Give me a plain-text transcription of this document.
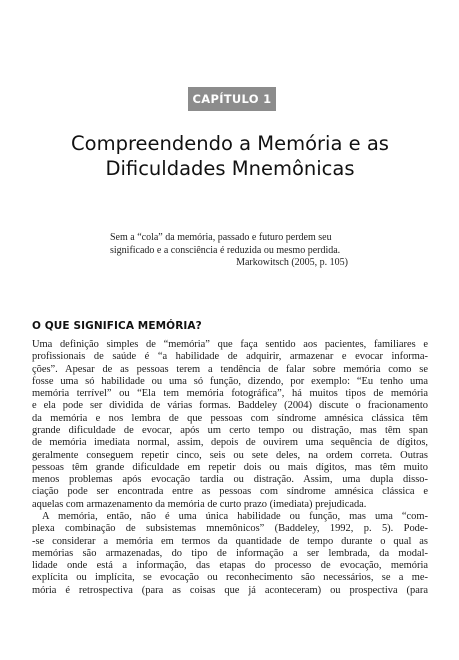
CAPÍTULO 1
Compreendendo a Memória e as
Dificuldades Mnemônicas

Sem a “cola” da memória, passado e futuro perdem seu
significado e a consciência é reduzida ou mesmo perdida.

Markowitsch (2005, p. 105)

O QUE SIGNIFICA MEMÓRIA?
Uma definição simples de “memória” que faça sentido aos pacientes, familiares e
profissionais de saúde é “a habilidade de adquirir, armazenar e evocar informa-
ções”. Apesar de as pessoas terem a tendência de falar sobre memória como se
fosse uma só habilidade ou uma só função, dizendo, por exemplo: “Eu tenho uma
memória terrível” ou “Ela tem memória fotográfica”, há muitos tipos de memória
e ela pode ser dividida de várias formas. Baddeley (2004) discute o fracionamento
da memória e nos lembra de que pessoas com síndrome amnésica clássica têm
grande dificuldade de evocar, após um certo tempo ou distração, mas têm span
de memória imediata normal, assim, depois de ouvirem uma sequência de dígitos,
geralmente conseguem repetir cinco, seis ou sete deles, na ordem correta. Outras
pessoas têm grande dificuldade em repetir dois ou mais dígitos, mas têm muito
menos problemas após evocação tardia ou distração. Assim, uma dupla disso-
ciação pode ser encontrada entre as pessoas com síndrome amnésica clássica e
aquelas com armazenamento da memória de curto prazo (imediata) prejudicada.
A memória, então, não é uma única habilidade ou função, mas uma “com-
plexa combinação de subsistemas mnemônicos” (Baddeley, 1992, p. 5). Pode-
-se considerar a memória em termos da quantidade de tempo durante o qual as
memórias são armazenadas, do tipo de informação a ser lembrada, da modal-
lidade onde está a informação, das etapas do processo de evocação, memória
explícita ou implícita, se evocação ou reconhecimento são necessários, se a me-
mória é retrospectiva (para as coisas que já aconteceram) ou prospectiva (para
